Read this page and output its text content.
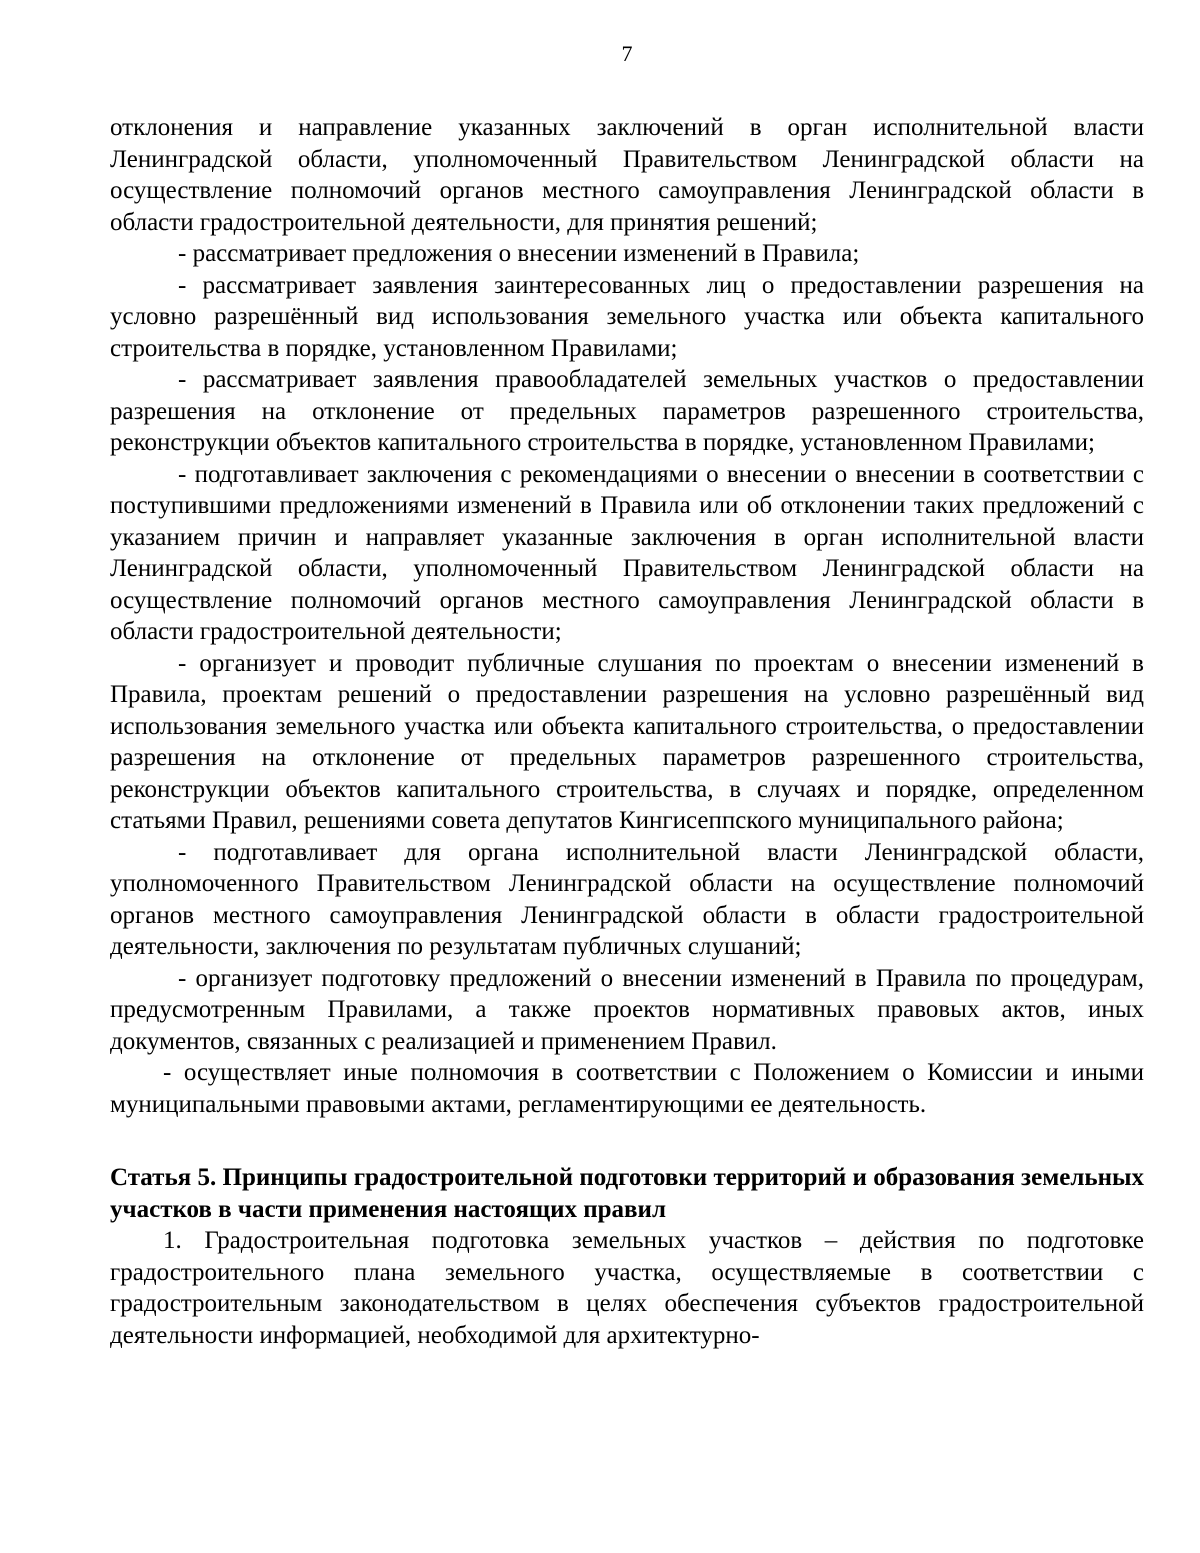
7

отклонения и направление указанных заключений в орган исполнительной власти Ленинградской области, уполномоченный Правительством Ленинградской области на осуществление полномочий органов местного самоуправления Ленинградской области в области градостроительной деятельности, для принятия решений;

- рассматривает предложения о внесении изменений в Правила;

- рассматривает заявления заинтересованных лиц о предоставлении разрешения на условно разрешённый вид использования земельного участка или объекта капитального строительства в порядке, установленном Правилами;

- рассматривает заявления правообладателей земельных участков о предоставлении разрешения на отклонение от предельных параметров разрешенного строительства, реконструкции объектов капитального строительства в порядке, установленном Правилами;

- подготавливает заключения с рекомендациями о внесении о внесении в соответствии с поступившими предложениями изменений в Правила или об отклонении таких предложений с указанием причин и направляет указанные заключения в орган исполнительной власти Ленинградской области, уполномоченный Правительством Ленинградской области на осуществление полномочий органов местного самоуправления Ленинградской области в области градостроительной деятельности;

- организует и проводит публичные слушания по проектам о внесении изменений в Правила, проектам решений о предоставлении разрешения на условно разрешённый вид использования земельного участка или объекта капитального строительства, о предоставлении разрешения на отклонение от предельных параметров разрешенного строительства, реконструкции объектов капитального строительства, в случаях и порядке, определенном статьями Правил, решениями совета депутатов Кингисеппского муниципального района;

- подготавливает для органа исполнительной власти Ленинградской области, уполномоченного Правительством Ленинградской области на осуществление полномочий органов местного самоуправления Ленинградской области в области градостроительной деятельности, заключения по результатам публичных слушаний;

- организует подготовку предложений о внесении изменений в Правила по процедурам, предусмотренным Правилами, а также проектов нормативных правовых актов, иных документов, связанных с реализацией и применением Правил.

- осуществляет иные полномочия в соответствии с Положением о Комиссии и иными муниципальными правовыми актами, регламентирующими ее деятельность.

Статья 5. Принципы градостроительной подготовки территорий и образования земельных участков в части применения настоящих правил

1. Градостроительная подготовка земельных участков – действия по подготовке градостроительного плана земельного участка, осуществляемые в соответствии с градостроительным законодательством в целях обеспечения субъектов градостроительной деятельности информацией, необходимой для архитектурно-
